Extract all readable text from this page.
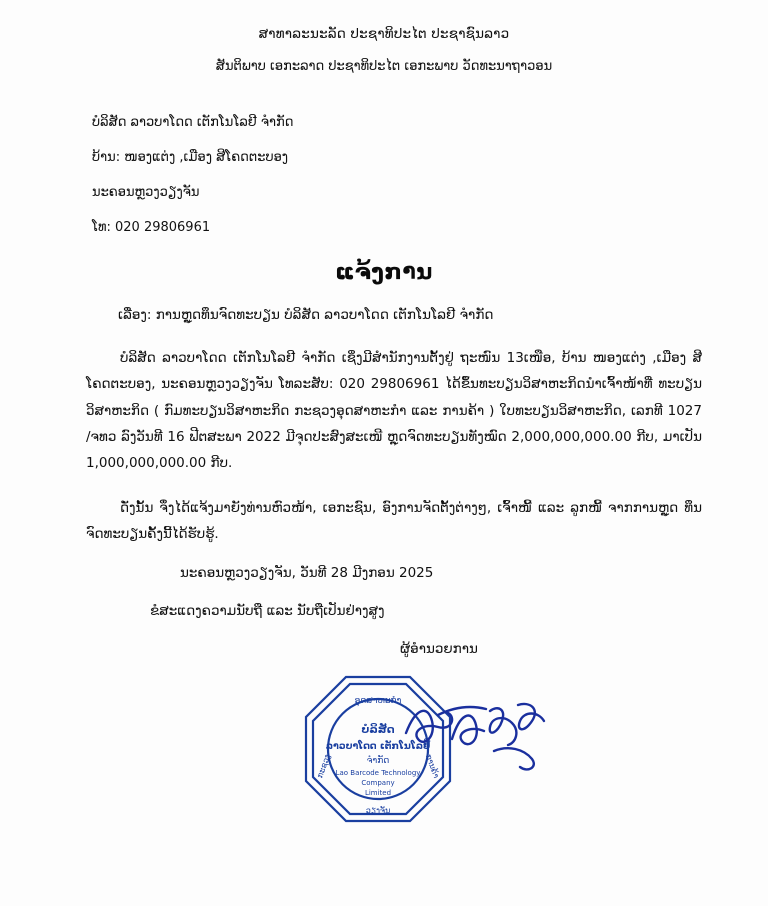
ສາທາລະນະລັດ ປະຊາທິປະໄຕ ປະຊາຊົນລາວ
ສັນຕິພາບ ເອກະລາດ ປະຊາທິປະໄຕ ເອກະພາບ ວັດທະນາຖາວອນ
ບໍລິສັດ ລາວບາໂດດ ເຕັກໂນໂລຢີ ຈໍາກັດ
ບ້ານ: ໜອງແຕ່ງ ,ເມືອງ ສີໂຄດຕະບອງ
ນະຄອນຫຼວງວຽງຈັນ
ໂທ: 020 29806961
ແຈ້ງການ
ເລື່ອງ: ການຫຼູດທຶນຈົດທະບຽນ ບໍລິສັດ ລາວບາໂດດ ເຕັກໂນໂລຢີ ຈໍາກັດ

ບໍລິສັດ ລາວບາໂດດ ເຕັກໂນໂລຢີ ຈໍາກັດ ເຊິ່ງມີສໍານັກງານຕັ້ງຢູ່ ຖະໜົນ 13ເໜືອ, ບ້ານ ໜອງແຕ່ງ ,ເມືອງ ສີໂຄດຕະບອງ, ນະຄອນຫຼວງວຽງຈັນ ໂທລະສັບ: 020 29806961 ໄດ້ຂຶ້ນທະບຽນວິສາຫະກິດນໍາເຈົ້າໜ້າທີ່ ທະບຽນວິສາຫະກິດ ( ກົມທະບຽນວິສາຫະກິດ ກະຊວງອຸດສາຫະກໍາ ແລະ ການຄ້າ ) ໃບທະບຽນວິສາຫະກິດ, ເລກທີ 1027 /ຈທວ ລົງວັນທີ 16 ຟີຕສະພາ 2022 ມີຈຸດປະສົງສະເໜີ ຫຼຸດຈົດທະບຽນທັງໝົດ 2,000,000,000.00 ກີບ, ມາເປັນ 1,000,000,000.00 ກີບ.

ດັ່ງນັ້ນ ຈຶ່ງໄດ້ແຈ້ງມາຍັງທ່ານຫົວໜ້າ, ເອກະຊົນ, ອົງການຈັດຕັ້ງຕ່າງໆ, ເຈົ້າໜີ້ ແລະ ລູກໜີ້ ຈາກການຫຼູດ ທຶນຈົດທະບຽນຄັ້ງນີ້ໄດ້ຮັບຮູ້.

ນະຄອນຫຼວງວຽງຈັນ, ວັນທີ 28 ມີງກອນ 2025
ຂໍສະແດງຄວາມນັບຖື ແລະ ນັບຖືເປັນຢ່າງສູງ
ຜູ້ອໍານວຍການ
ອຸດສາຫະກໍາ
ບໍລິສັດ
ລາວບາໂດດ ເຕັກໂນໂລຢີ
ຈໍາກັດ
Lao Barcode Technology
Company
Limited
ກະຊວງ	ການຄ້າ
ວຽງຈັນ
